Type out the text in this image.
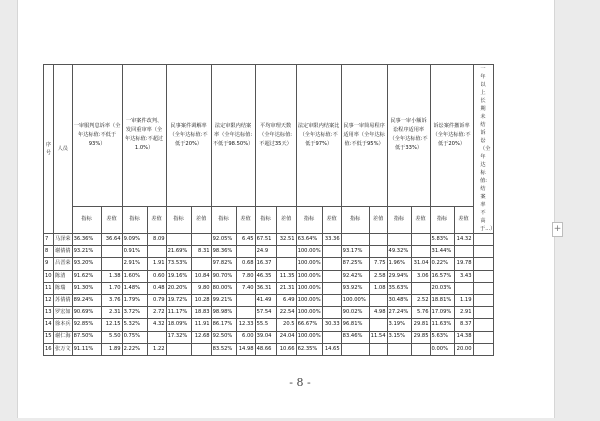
+
序号	人员	一审服判息诉率（全年达标值:不低于93%）		一审案件改判、发回重审率（全年达标值:不超过1.0%）		民事案件调解率（全年达标值:不低于20%）		法定审限内结案率（全年达标值:不低于98.50%）		平均审理天数（全年达标值:不超过35天）		法定审限内结案比（全年达标值:不低于97%）		民事一审简易程序适用率（全年达标值:不低于95%）		民事一审小额诉讼程序适用率（全年达标值:不低于33%）		诉讼案件撤诉率（全年达标值:不低于20%）		一年以上长期未结诉讼（全年达标值:结案率不高于...）

		指标	差值	指标	差值	指标	差值	指标	差值	指标	差值	指标	差值	指标	差值	指标	差值	指标	差值	
7	马泽荣	36.36%	36.64	9.09%	8.09			92.05%	6.45	67.51	32.51	63.64%	33.36					5.83%	14.32	
8	谢倩倩	93.21%		0.91%		21.69%	8.31	98.36%		24.9		100.00%		93.17%		49.32%		31.44%		
9	吕晋荣	93.20%		2.91%	1.91	73.53%		97.82%	0.68	16.37		100.00%		87.25%	7.75	1.96%	31.04	0.22%	19.78	
10	陈清	91.62%	1.38	1.60%	0.60	19.16%	10.84	90.70%	7.80	46.35	11.35	100.00%		92.42%	2.58	29.94%	3.06	16.57%	3.43	
11	陈瑞	91.30%	1.70	1.48%	0.48	20.20%	9.80	80.00%	7.40	36.31	21.31	100.00%		93.92%	1.08	35.63%		20.03%		
12	苏倩倩	89.24%	3.76	1.79%	0.79	19.72%	10.28	99.21%		41.49	6.49	100.00%		100.00%		30.48%	2.52	18.81%	1.19	
13	罗宏如	90.69%	2.31	3.72%	2.72	11.17%	18.83	98.98%		57.54	22.54	100.00%		90.02%	4.98	27.24%	5.76	17.09%	2.91	
14	徐本兵	92.85%	12.15	5.32%	4.32	18.09%	11.91	86.17%	12.33	55.5	20.5	66.67%	30.33	96.81%		3.19%	29.81	11.63%	8.37	
15	谢仁海	87.50%	5.50	0.75%		17.32%	12.68	92.50%	6.00	39.04	24.04	100.00%		83.46%	11.54	3.15%	29.85	5.63%	14.38	
16	张万文	91.11%	1.89	2.22%	1.22			83.52%	14.98	48.66	10.66	62.35%	14.65					0.00%	20.00	
- 8 -
